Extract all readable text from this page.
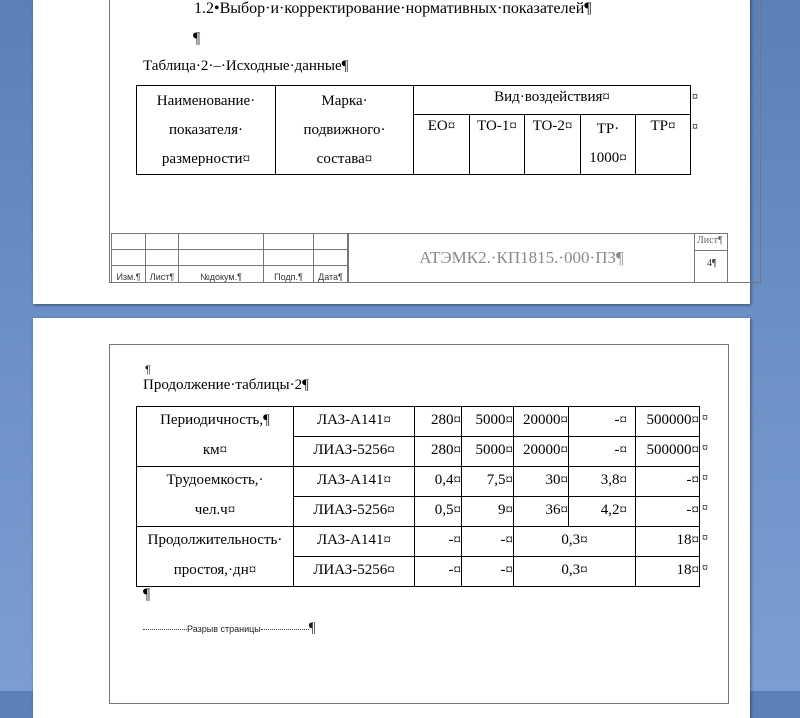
1.2•Выбор·и·корректирование·нормативных·показателей¶
¶
Таблица·2·–·Исходные·данные¶
Наименование·
показателя·
размерности¤	Марка·
подвижного·
состава¤	Вид·воздействия¤				
		ЕО¤	ТО-1¤	ТО-2¤	ТР·
1000¤	ТР¤
¤
¤

Изм.¶	Лист¶	№докум.¶	Подп.¶	Дата¶
АТЭМК2.·КП1815.·000·ПЗ¶
Лист¶
4¶
¶
Продолжение·таблицы·2¶
Периодичность,¶	ЛАЗ-А141¤	280¤	5000¤	20000¤	-¤	500000¤
км¤	ЛИАЗ-5256¤	280¤	5000¤	20000¤	-¤	500000¤
Трудоемкость,·	ЛАЗ-А141¤	0,4¤	7,5¤	30¤	3,8¤	-¤
чел.ч¤	ЛИАЗ-5256¤	0,5¤	9¤	36¤	4,2¤	-¤
Продолжительность·	ЛАЗ-А141¤	-¤	-¤	0,3¤		18¤
простоя,·дн¤	ЛИАЗ-5256¤	-¤	-¤	0,3¤		18¤
¤
¤
¤
¤
¤
¤
¶
Разрыв страницы	¶
